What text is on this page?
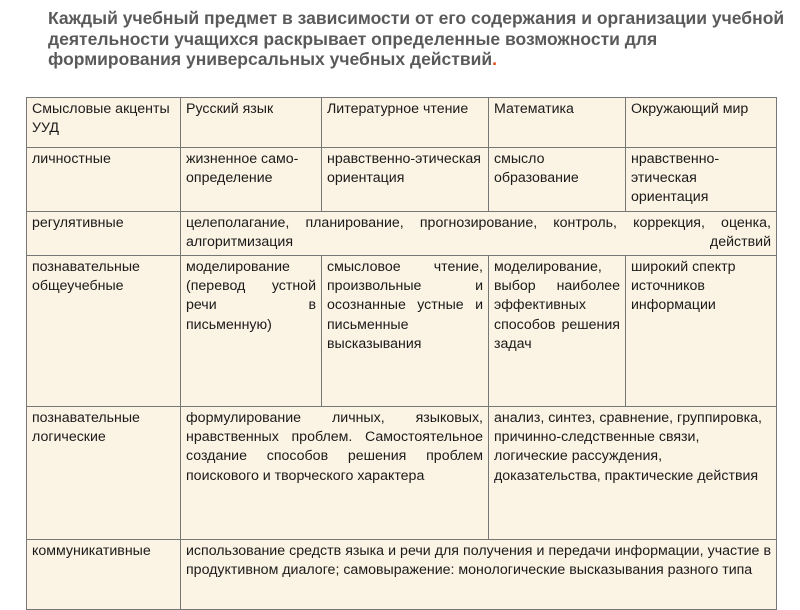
Каждый учебный предмет в зависимости от его содержания и организации учебной деятельности учащихся раскрывает определенные возможности для формирования универсальных учебных действий.
Смысловые акценты УУД	Русский язык	Литературное чтение	Математика	Окружающий мир
личностные	жизненное само-определение	нравственно-этическая ориентация	смысло образование	нравственно-этическая ориентация
регулятивные	целеполагание, планирование, прогнозирование, контроль, коррекция, оценка, алгоритмизация действий			
познавательные общеучебные	моделирование (перевод устной речи в письменную)	смысловое чтение, произвольные и осознанные устные и письменные высказывания	моделирование, выбор наиболее эффективных способов решения задач	широкий спектр источников информации
познавательные логические	формулирование личных, языковых, нравственных проблем. Самостоятельное создание способов решения проблем поискового и творческого характера		анализ, синтез, сравнение, группировка, причинно-следственные связи, логические рассуждения, доказательства, практические действия	
коммуникативные	использование средств языка и речи для получения и передачи информации, участие в продуктивном диалоге; самовыражение: монологические высказывания разного типа			
